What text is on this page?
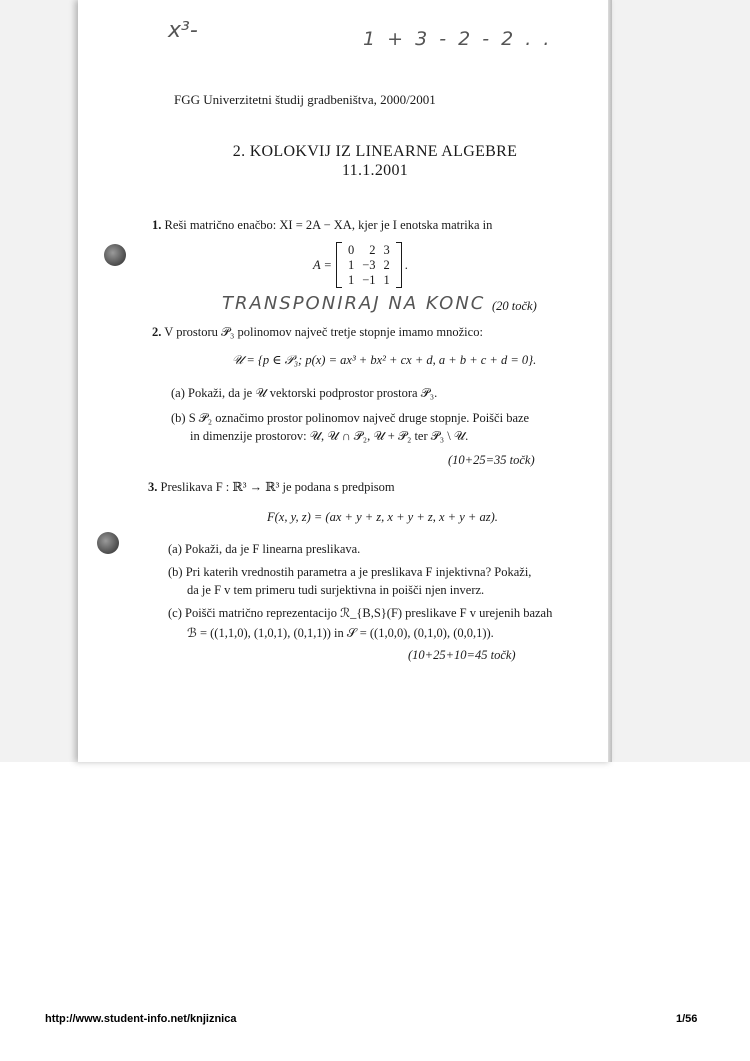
x³-	1 + 3 - 2 - 2 . .
FGG Univerzitetni študij gradbeništva, 2000/2001
2. KOLOKVIJ IZ LINEARNE ALGEBRE
11.1.2001
1. Reši matrično enačbo: XI = 2A − XA, kjer je I enotska matrika in
A =
0	2	3
1	−3	2
1	−1	1
.
TRANSPONIRAJ NA KONC (20 točk)
2. V prostoru 𝒫₃ polinomov največ tretje stopnje imamo množico:
𝒰 = {p ∈ 𝒫₃; p(x) = ax³ + bx² + cx + d, a + b + c + d = 0}.
(a) Pokaži, da je 𝒰 vektorski podprostor prostora 𝒫₃.
(b) S 𝒫₂ označimo prostor polinomov največ druge stopnje. Poišči baze
in dimenzije prostorov: 𝒰, 𝒰 ∩ 𝒫₂, 𝒰 + 𝒫₂ ter 𝒫₃ \ 𝒰.
(10+25=35 točk)
3. Preslikava F : ℝ³ → ℝ³ je podana s predpisom
F(x, y, z) = (ax + y + z, x + y + z, x + y + az).
(a) Pokaži, da je F linearna preslikava.
(b) Pri katerih vrednostih parametra a je preslikava F injektivna? Pokaži,
da je F v tem primeru tudi surjektivna in poišči njen inverz.
(c) Poišči matrično reprezentacijo ℛ_{B,S}(F) preslikave F v urejenih bazah
ℬ = ((1,1,0), (1,0,1), (0,1,1)) in 𝒮 = ((1,0,0), (0,1,0), (0,0,1)).
(10+25+10=45 točk)
http://www.student-info.net/knjiznica	1/56
